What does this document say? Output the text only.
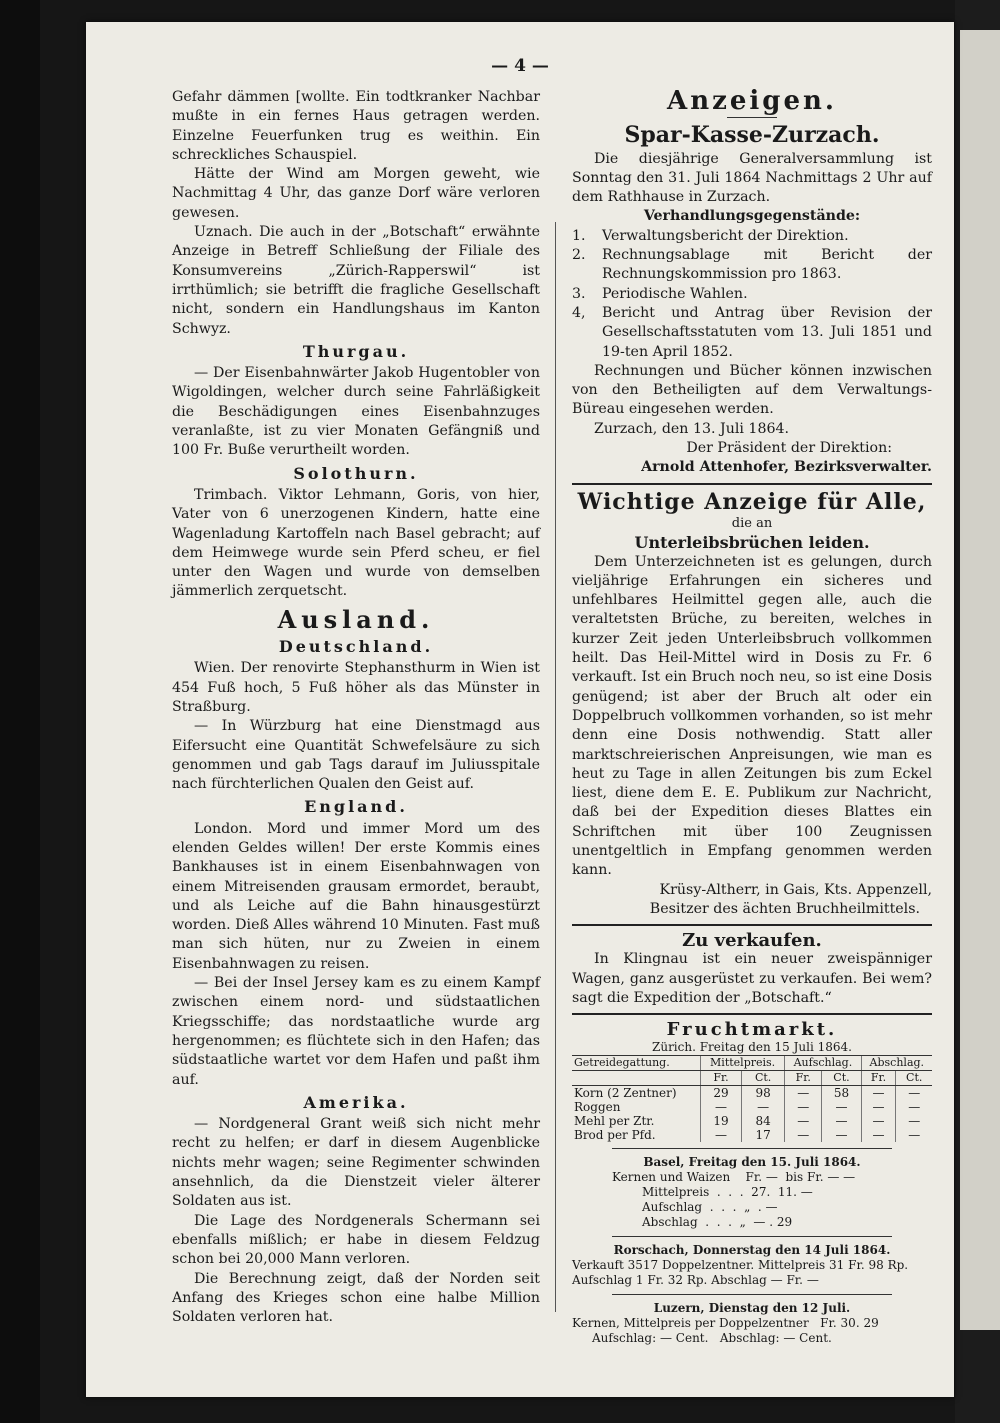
— 4 —

Gefahr dämmen [wollte. Ein todtkranker Nachbar mußte in ein fernes Haus getragen werden. Einzelne Feuerfunken trug es weithin. Ein schreckliches Schauspiel.

Hätte der Wind am Morgen geweht, wie Nachmittag 4 Uhr, das ganze Dorf wäre verloren gewesen.

Uznach. Die auch in der „Botschaft“ erwähnte Anzeige in Betreff Schließung der Filiale des Konsumvereins „Zürich-Rapperswil“ ist irrthümlich; sie betrifft die fragliche Gesellschaft nicht, sondern ein Handlungshaus im Kanton Schwyz.

Thurgau.

— Der Eisenbahnwärter Jakob Hugentobler von Wigoldingen, welcher durch seine Fahrläßigkeit die Beschädigungen eines Eisenbahnzuges veranlaßte, ist zu vier Monaten Gefängniß und 100 Fr. Buße verurtheilt worden.

Solothurn.

Trimbach. Viktor Lehmann, Goris, von hier, Vater von 6 unerzogenen Kindern, hatte eine Wagenladung Kartoffeln nach Basel gebracht; auf dem Heimwege wurde sein Pferd scheu, er fiel unter den Wagen und wurde von demselben jämmerlich zerquetscht.

Ausland.
Deutschland.

Wien. Der renovirte Stephansthurm in Wien ist 454 Fuß hoch, 5 Fuß höher als das Münster in Straßburg.

— In Würzburg hat eine Dienstmagd aus Eifersucht eine Quantität Schwefelsäure zu sich genommen und gab Tags darauf im Juliusspitale nach fürchterlichen Qualen den Geist auf.

England.

London. Mord und immer Mord um des elenden Geldes willen! Der erste Kommis eines Bankhauses ist in einem Eisenbahnwagen von einem Mitreisenden grausam ermordet, beraubt, und als Leiche auf die Bahn hinausgestürzt worden. Dieß Alles während 10 Minuten. Fast muß man sich hüten, nur zu Zweien in einem Eisenbahnwagen zu reisen.

— Bei der Insel Jersey kam es zu einem Kampf zwischen einem nord- und südstaatlichen Kriegsschiffe; das nordstaatliche wurde arg hergenommen; es flüchtete sich in den Hafen; das südstaatliche wartet vor dem Hafen und paßt ihm auf.

Amerika.

— Nordgeneral Grant weiß sich nicht mehr recht zu helfen; er darf in diesem Augenblicke nichts mehr wagen; seine Regimenter schwinden ansehnlich, da die Dienstzeit vieler älterer Soldaten aus ist.

Die Lage des Nordgenerals Schermann sei ebenfalls mißlich; er habe in diesem Feldzug schon bei 20,000 Mann verloren.

Die Berechnung zeigt, daß der Norden seit Anfang des Krieges schon eine halbe Million Soldaten verloren hat.

Anzeigen.
Spar-Kasse-Zurzach.

Die diesjährige Generalversammlung ist Sonntag den 31. Juli 1864 Nachmittags 2 Uhr auf dem Rathhause in Zurzach.

Verhandlungsgegenstände:
1.	Verwaltungsbericht der Direktion.
2.	Rechnungsablage mit Bericht der Rechnungskommission pro 1863.
3.	Periodische Wahlen.
4,	Bericht und Antrag über Revision der Gesellschaftsstatuten vom 13. Juli 1851 und 19-ten April 1852.

Rechnungen und Bücher können inzwischen von den Betheiligten auf dem Verwaltungs-Büreau eingesehen werden.

Zurzach, den 13. Juli 1864.

Der Präsident der Direktion:
Arnold Attenhofer, Bezirksverwalter.
Wichtige Anzeige für Alle,
die an
Unterleibsbrüchen leiden.

Dem Unterzeichneten ist es gelungen, durch vieljährige Erfahrungen ein sicheres und unfehlbares Heilmittel gegen alle, auch die veraltetsten Brüche, zu bereiten, welches in kurzer Zeit jeden Unterleibsbruch vollkommen heilt. Das Heil-Mittel wird in Dosis zu Fr. 6 verkauft. Ist ein Bruch noch neu, so ist eine Dosis genügend; ist aber der Bruch alt oder ein Doppelbruch vollkommen vorhanden, so ist mehr denn eine Dosis nothwendig. Statt aller marktschreierischen Anpreisungen, wie man es heut zu Tage in allen Zeitungen bis zum Eckel liest, diene dem E. E. Publikum zur Nachricht, daß bei der Expedition dieses Blattes ein Schriftchen mit über 100 Zeugnissen unentgeltlich in Empfang genommen werden kann.

Krüsy-Altherr, in Gais, Kts. Appenzell,
Besitzer des ächten Bruchheilmittels.
Zu verkaufen.

In Klingnau ist ein neuer zweispänniger Wagen, ganz ausgerüstet zu verkaufen. Bei wem? sagt die Expedition der „Botschaft.“

Fruchtmarkt.
Zürich. Freitag den 15 Juli 1864.
Getreidegattung.	Mittelpreis.		Aufschlag.		Abschlag.	
	Fr.	Ct.	Fr.	Ct.	Fr.	Ct.
Korn (2 Zentner)	29	98	—	58	—	—
Roggen	—	—	—	—	—	—
Mehl per Ztr.	19	84	—	—	—	—
Brod per Pfd.	—	17	—	—	—	—
Basel, Freitag den 15. Juli 1864.
Kernen und Waizen    Fr. —  bis Fr. — —
Mittelpreis  .  .  .  27.  11. —
Aufschlag  .  .  .  „  . —
Abschlag  .  .  .  „  — . 29
Rorschach, Donnerstag den 14 Juli 1864.
Verkauft 3517 Doppelzentner. Mittelpreis 31 Fr. 98 Rp.
Aufschlag 1 Fr. 32 Rp. Abschlag — Fr. —
Luzern, Dienstag den 12 Juli.
Kernen, Mittelpreis per Doppelzentner   Fr. 30. 29
Aufschlag: — Cent.   Abschlag: — Cent.
